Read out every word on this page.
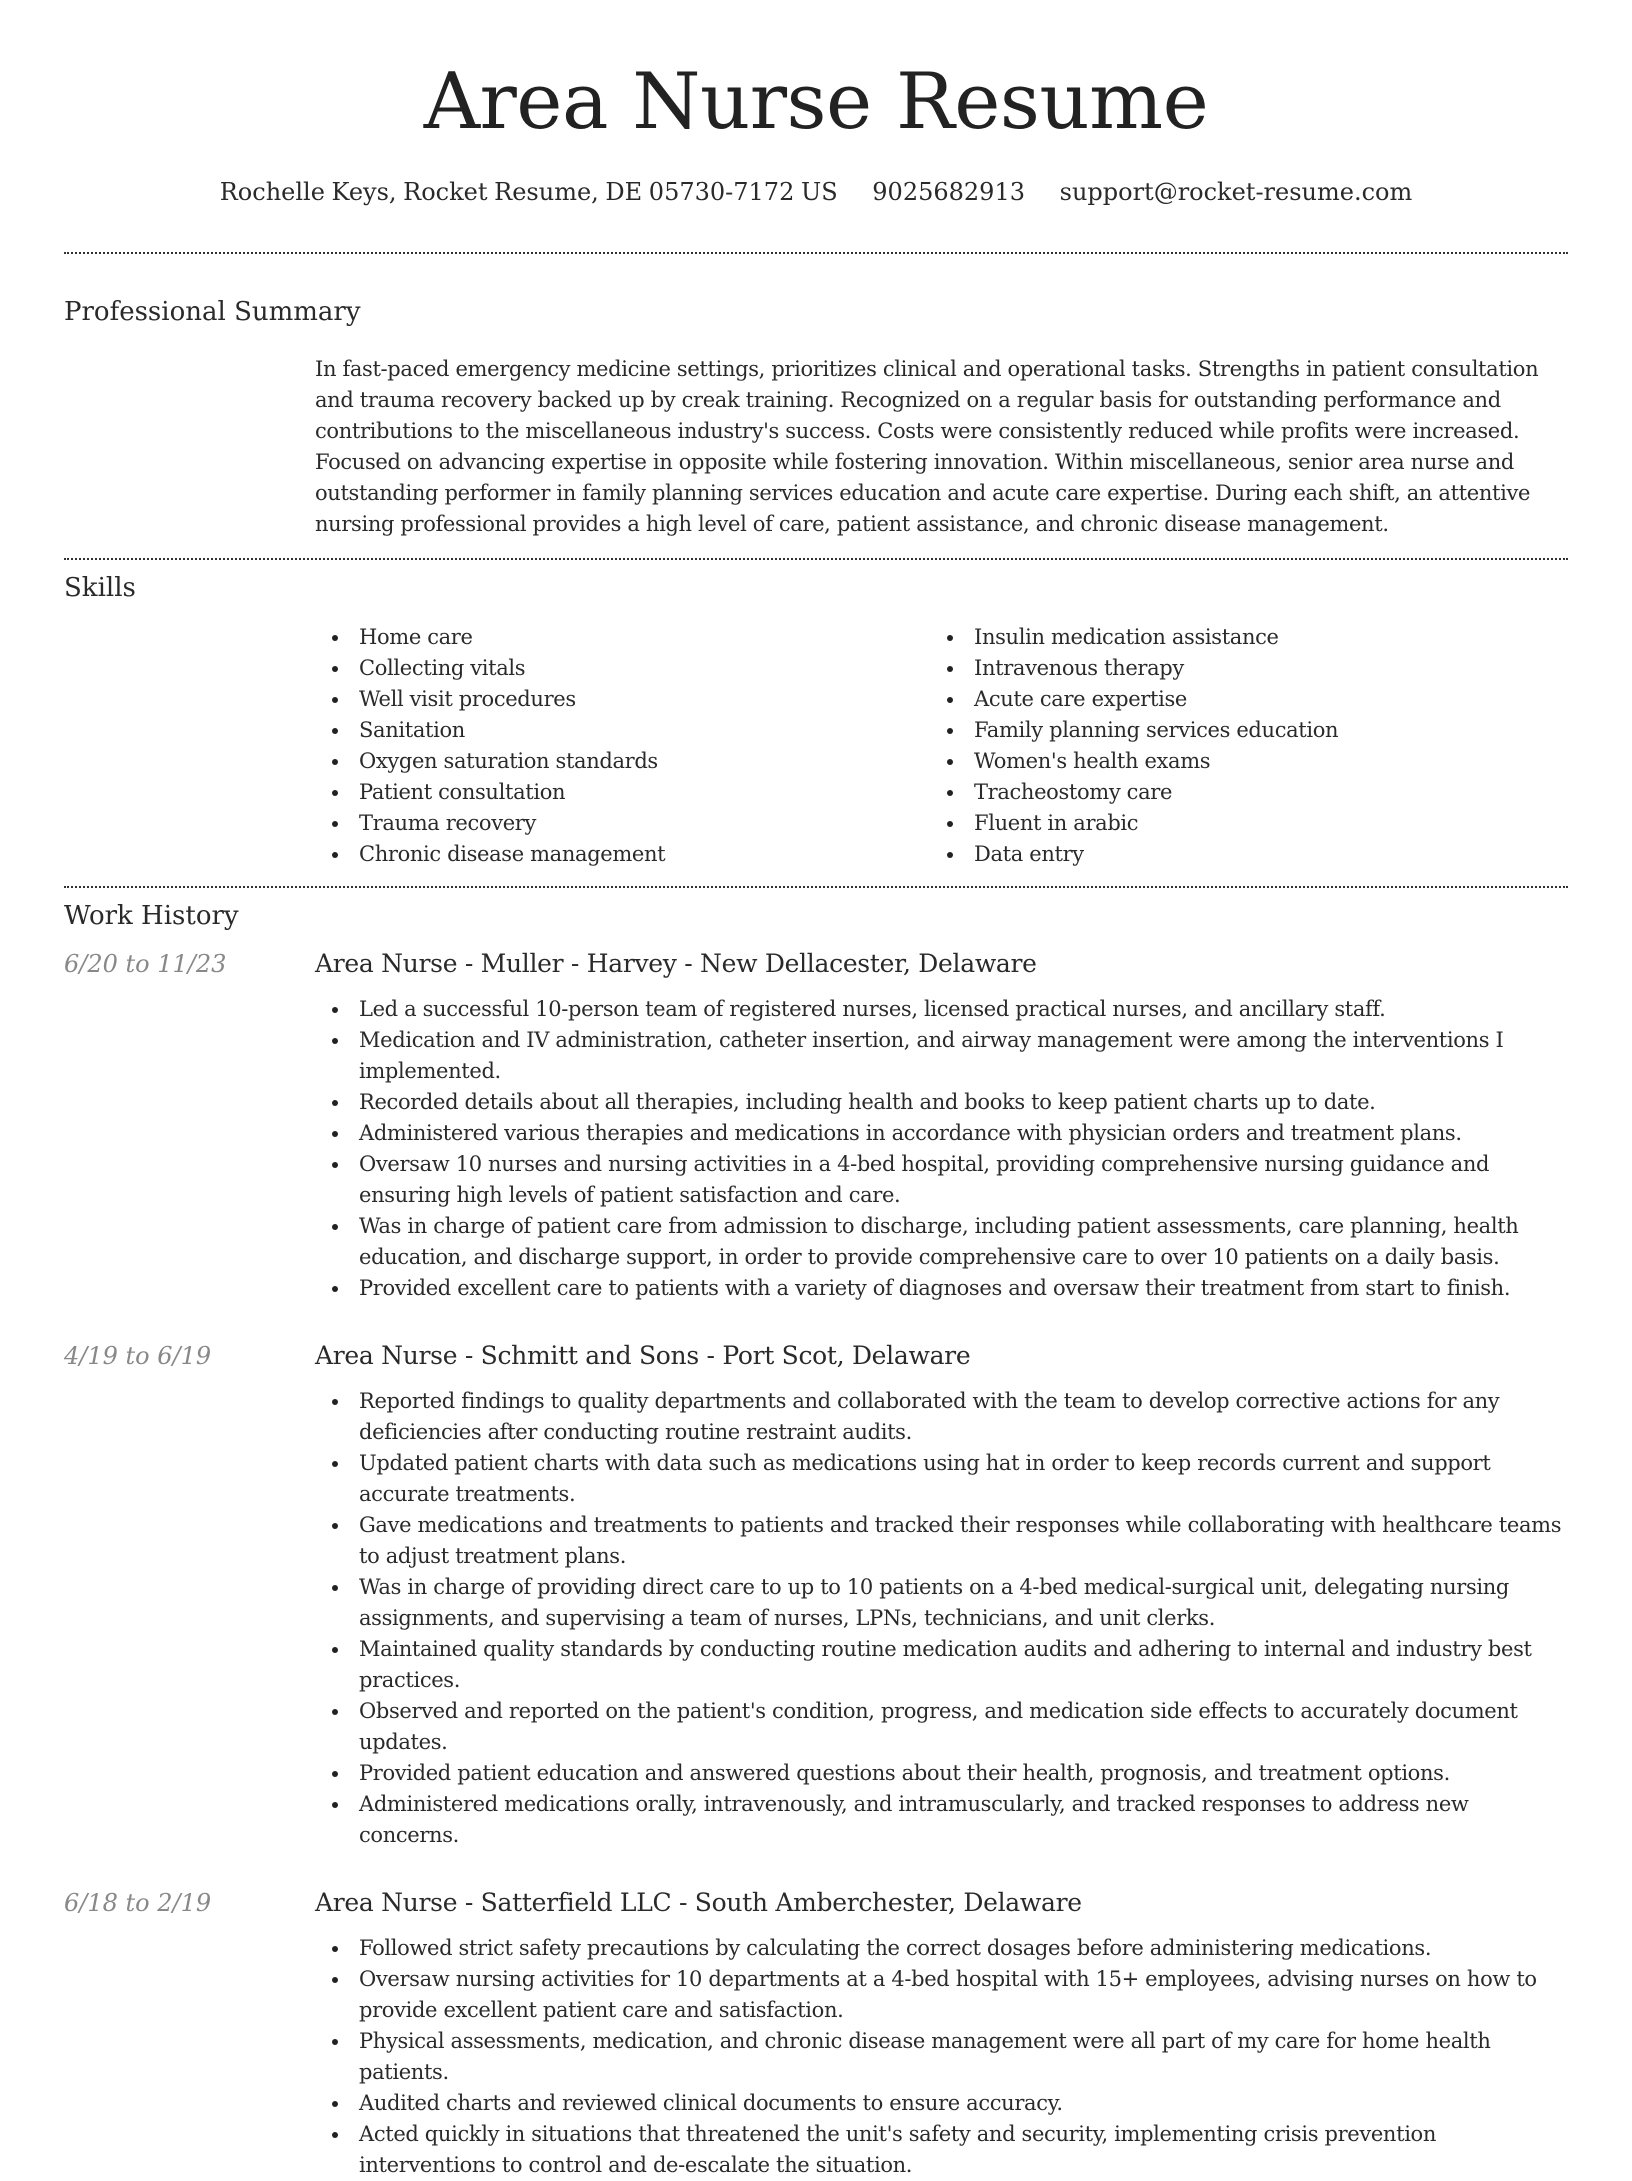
Area Nurse Resume
Rochelle Keys, Rocket Resume, DE 05730-7172 US 9025682913 support@rocket-resume.com
Professional Summary

In fast-paced emergency medicine settings, prioritizes clinical and operational tasks. Strengths in patient consultation and trauma recovery backed up by creak training. Recognized on a regular basis for outstanding performance and contributions to the miscellaneous industry's success. Costs were consistently reduced while profits were increased. Focused on advancing expertise in opposite while fostering innovation. Within miscellaneous, senior area nurse and outstanding performer in family planning services education and acute care expertise. During each shift, an attentive nursing professional provides a high level of care, patient assistance, and chronic disease management.

Skills
Home care
Collecting vitals
Well visit procedures
Sanitation
Oxygen saturation standards
Patient consultation
Trauma recovery
Chronic disease management
Insulin medication assistance
Intravenous therapy
Acute care expertise
Family planning services education
Women's health exams
Tracheostomy care
Fluent in arabic
Data entry
Work History
6/20 to 11/23	Area Nurse - Muller - Harvey - New Dellacester, Delaware
Led a successful 10-person team of registered nurses, licensed practical nurses, and ancillary staff.
Medication and IV administration, catheter insertion, and airway management were among the interventions I implemented.
Recorded details about all therapies, including health and books to keep patient charts up to date.
Administered various therapies and medications in accordance with physician orders and treatment plans.
Oversaw 10 nurses and nursing activities in a 4-bed hospital, providing comprehensive nursing guidance and ensuring high levels of patient satisfaction and care.
Was in charge of patient care from admission to discharge, including patient assessments, care planning, health education, and discharge support, in order to provide comprehensive care to over 10 patients on a daily basis.
Provided excellent care to patients with a variety of diagnoses and oversaw their treatment from start to finish.
4/19 to 6/19	Area Nurse - Schmitt and Sons - Port Scot, Delaware
Reported findings to quality departments and collaborated with the team to develop corrective actions for any deficiencies after conducting routine restraint audits.
Updated patient charts with data such as medications using hat in order to keep records current and support accurate treatments.
Gave medications and treatments to patients and tracked their responses while collaborating with healthcare teams to adjust treatment plans.
Was in charge of providing direct care to up to 10 patients on a 4-bed medical-surgical unit, delegating nursing assignments, and supervising a team of nurses, LPNs, technicians, and unit clerks.
Maintained quality standards by conducting routine medication audits and adhering to internal and industry best practices.
Observed and reported on the patient's condition, progress, and medication side effects to accurately document updates.
Provided patient education and answered questions about their health, prognosis, and treatment options.
Administered medications orally, intravenously, and intramuscularly, and tracked responses to address new concerns.
6/18 to 2/19	Area Nurse - Satterfield LLC - South Amberchester, Delaware
Followed strict safety precautions by calculating the correct dosages before administering medications.
Oversaw nursing activities for 10 departments at a 4-bed hospital with 15+ employees, advising nurses on how to provide excellent patient care and satisfaction.
Physical assessments, medication, and chronic disease management were all part of my care for home health patients.
Audited charts and reviewed clinical documents to ensure accuracy.
Acted quickly in situations that threatened the unit's safety and security, implementing crisis prevention interventions to control and de-escalate the situation.
